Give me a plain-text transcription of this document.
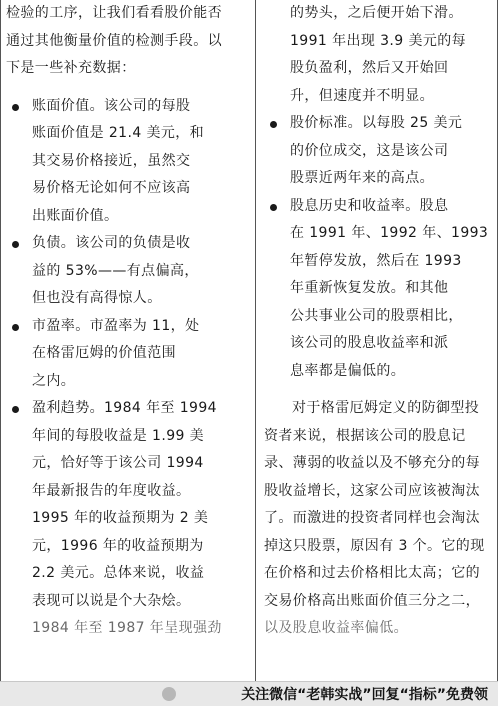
检验的工序，让我们看看股价能否
通过其他衡量价值的检测手段。以
下是一些补充数据：
账面价值。该公司的每股
账面价值是 21.4 美元，和
其交易价格接近，虽然交
易价格无论如何不应该高
出账面价值。
负债。该公司的负债是收
益的 53%——有点偏高，
但也没有高得惊人。
市盈率。市盈率为 11，处
在格雷厄姆的价值范围
之内。
盈利趋势。1984 年至 1994
年间的每股收益是 1.99 美
元，恰好等于该公司 1994
年最新报告的年度收益。
1995 年的收益预期为 2 美
元，1996 年的收益预期为
2.2 美元。总体来说，收益
表现可以说是个大杂烩。
1984 年至 1987 年呈现强劲
的势头，之后便开始下滑。
1991 年出现 3.9 美元的每
股负盈利，然后又开始回
升，但速度并不明显。
股价标准。以每股 25 美元
的价位成交，这是该公司
股票近两年来的高点。
股息历史和收益率。股息
在 1991 年、1992 年、1993
年暂停发放，然后在 1993
年重新恢复发放。和其他
公共事业公司的股票相比，
该公司的股息收益率和派
息率都是偏低的。
对于格雷厄姆定义的防御型投
资者来说，根据该公司的股息记
录、薄弱的收益以及不够充分的每
股收益增长，这家公司应该被淘汰
了。而激进的投资者同样也会淘汰
掉这只股票，原因有 3 个。它的现
在价格和过去价格相比太高；它的
交易价格高出账面价值三分之二，
以及股息收益率偏低。
关注微信“老韩实战”回复“指标”免费领
